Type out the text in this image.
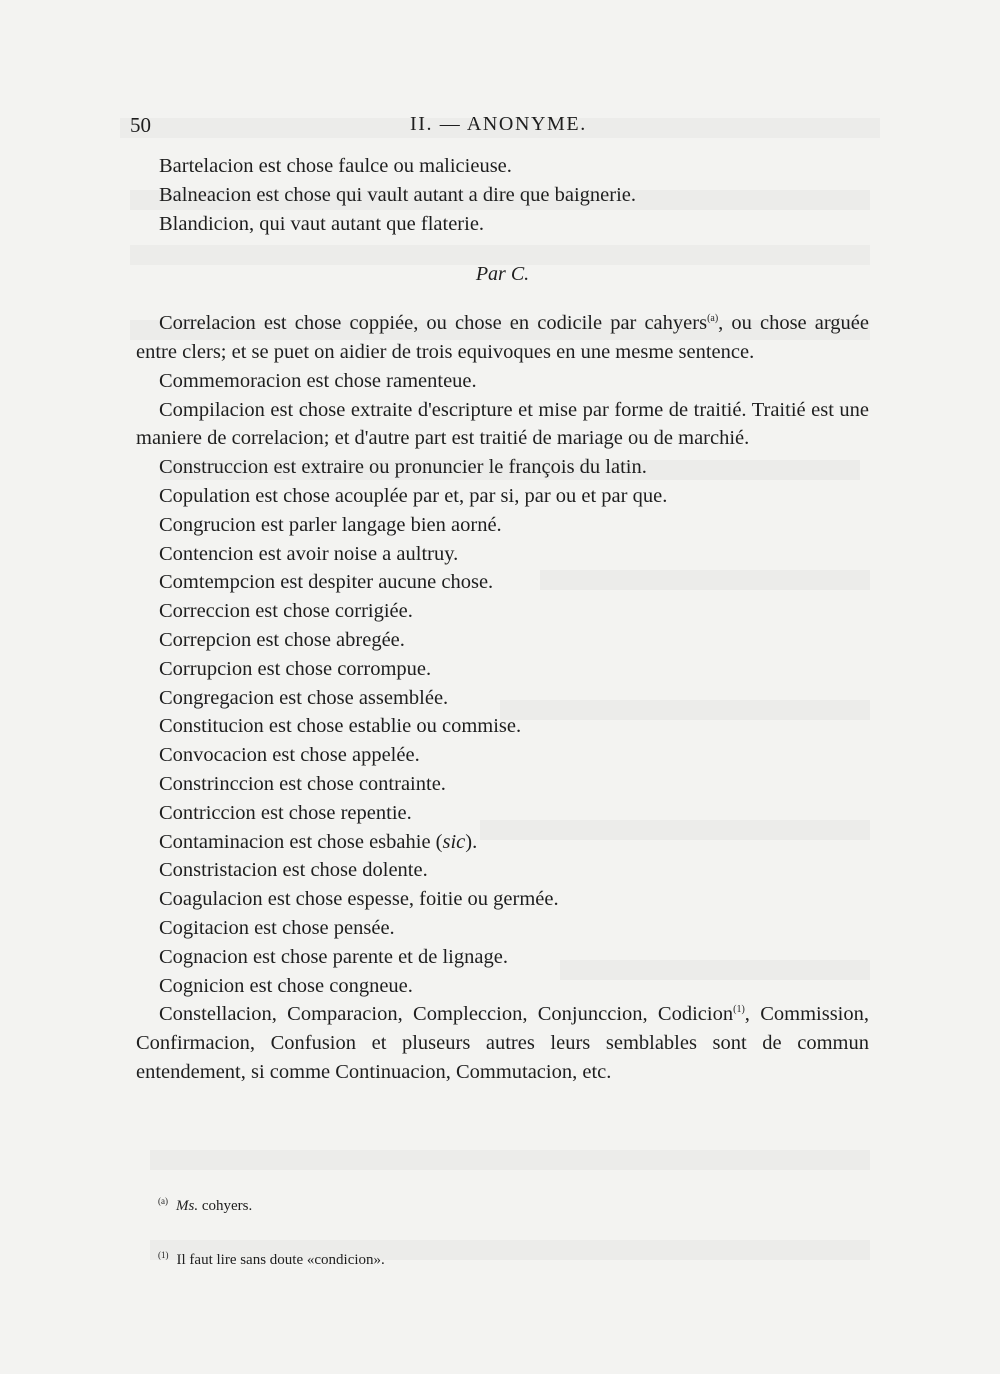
50	II. — ANONYME.

Bartelacion est chose faulce ou malicieuse.

Balneacion est chose qui vault autant a dire que baignerie.

Blandicion, qui vaut autant que flaterie.

Par C.

Correlacion est chose coppiée, ou chose en codicile par cahyers$^{(a)}$, ou chose arguée entre clers; et se puet on aidier de trois equivoques en une mesme sentence.

Commemoracion est chose ramenteue.

Compilacion est chose extraite d'escripture et mise par forme de traitié. Traitié est une maniere de correlacion; et d'autre part est traitié de mariage ou de marchié.

Construccion est extraire ou pronuncier le françois du latin.

Copulation est chose acouplée par et, par si, par ou et par que.

Congrucion est parler langage bien aorné.

Contencion est avoir noise a aultruy.

Comtempcion est despiter aucune chose.

Correccion est chose corrigiée.

Correpcion est chose abregée.

Corrupcion est chose corrompue.

Congregacion est chose assemblée.

Constitucion est chose establie ou commise.

Convocacion est chose appelée.

Constrinccion est chose contrainte.

Contriccion est chose repentie.

Contaminacion est chose esbahie (sic).

Constristacion est chose dolente.

Coagulacion est chose espesse, foitie ou germée.

Cogitacion est chose pensée.

Cognacion est chose parente et de lignage.

Cognicion est chose congneue.

Constellacion, Comparacion, Compleccion, Conjunccion, Codicion$^{(1)}$, Commission, Confirmacion, Confusion et pluseurs autres leurs semblables sont de commun entendement, si comme Continuacion, Commutacion, etc.

$^{(a)}$ Ms. cohyers.
$^{(1)}$ Il faut lire sans doute «condicion».
